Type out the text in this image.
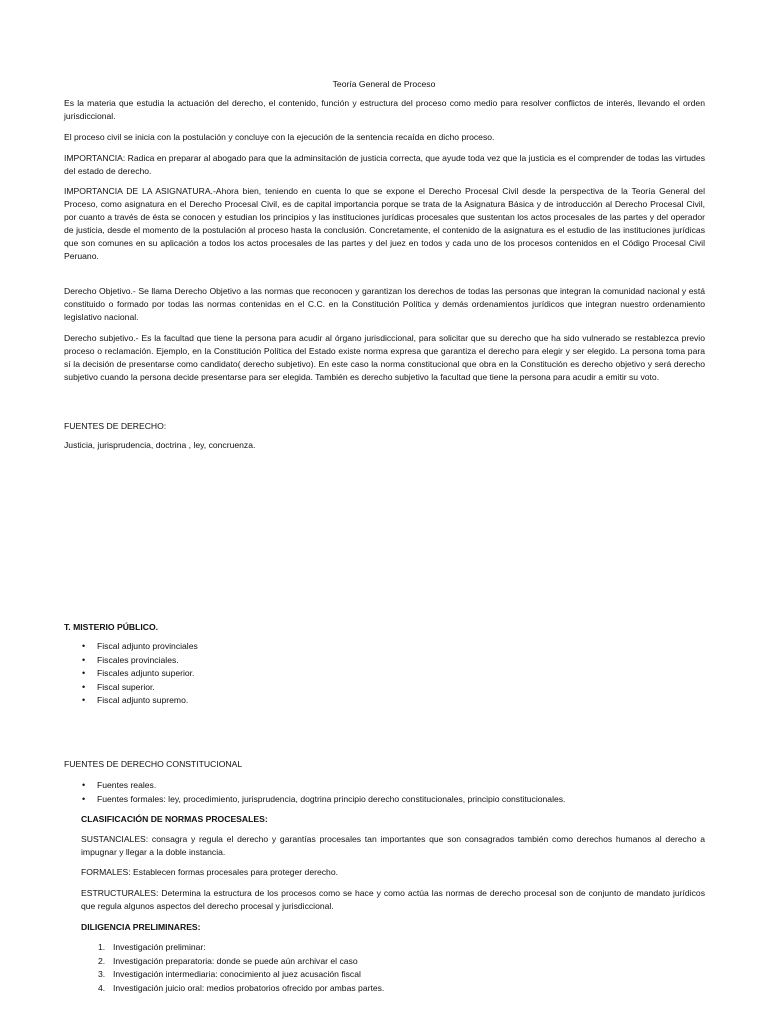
Teoría General de Proceso

Es la materia que estudia la actuación del derecho, el contenido, función y estructura del proceso como medio para resolver conflictos de interés, llevando el orden jurisdiccional.

El proceso civil se inicia con la postulación y concluye con la ejecución de la sentencia recaída en dicho proceso.

IMPORTANCIA: Radica en preparar al abogado para que la adminsitación de justicia correcta, que ayude toda vez que la justicia es el comprender de todas las virtudes del estado de derecho.

IMPORTANCIA DE LA ASIGNATURA.-Ahora bien, teniendo en cuenta lo que se expone el Derecho Procesal Civil desde la perspectiva de la Teoría General del Proceso, como asignatura en el Derecho Procesal Civil, es de capital importancia porque se trata de la Asignatura Básica y de introducción al Derecho Procesal Civil, por cuanto a través de ésta se conocen y estudian los principios y las instituciones jurídicas procesales que sustentan los actos procesales de las partes y del operador de justicia, desde el momento de la postulación al proceso hasta la conclusión. Concretamente, el contenido de la asignatura es el estudio de las instituciones jurídicas que son comunes en su aplicación a todos los actos procesales de las partes y del juez en todos y cada uno de los procesos contenidos en el Código Procesal Civil Peruano.

Derecho Objetivo.- Se llama Derecho Objetivo a las normas que reconocen y garantizan los derechos de todas las personas que integran la comunidad nacional y está constituido o formado por todas las normas contenidas en el C.C. en la Constitución Política y demás ordenamientos jurídicos que integran nuestro ordenamiento legislativo nacional.

Derecho subjetivo.- Es la facultad que tiene la persona para acudir al órgano jurisdiccional, para solicitar que su derecho que ha sido vulnerado se restablezca previo proceso o reclamación. Ejemplo, en la Constitución Política del Estado existe norma expresa que garantiza el derecho para elegir y ser elegido. La persona toma para sí la decisión de presentarse como candidato( derecho subjetivo). En este caso la norma constitucional que obra en la Constitución es derecho objetivo y será derecho subjetivo cuando la persona decide presentarse para ser elegida. También es derecho subjetivo la facultad que tiene la persona para acudir a emitir su voto.

FUENTES DE DERECHO:
Justicia, jurisprudencia, doctrina , ley, concruenza.
T. MISTERIO PÚBLICO.
• Fiscal adjunto provinciales
• Fiscales provinciales.
• Fiscales adjunto superior.
• Fiscal superior.
• Fiscal adjunto supremo.
FUENTES DE DERECHO CONSTITUCIONAL
• Fuentes reales.
• Fuentes formales: ley, procedimiento, jurisprudencia, dogtrina principio derecho constitucionales, principio constitucionales.
CLASIFICACIÓN DE NORMAS PROCESALES:

SUSTANCIALES: consagra y regula el derecho y garantías procesales tan importantes que son consagrados también como derechos humanos al derecho a impugnar y llegar a la doble instancia.

FORMALES: Establecen formas procesales para proteger derecho.

ESTRUCTURALES: Determina la estructura de los procesos como se hace y como actúa las normas de derecho procesal son de conjunto de mandato jurídicos que regula algunos aspectos del derecho procesal y jurisdiccional.

DILIGENCIA PRELIMINARES:
1. Investigación preliminar:
2. Investigación preparatoria: donde se puede aún archivar el caso
3. Investigación intermediaria: conocimiento al juez acusación fiscal
4. Investigación juicio oral: medios probatorios ofrecido por ambas partes.
